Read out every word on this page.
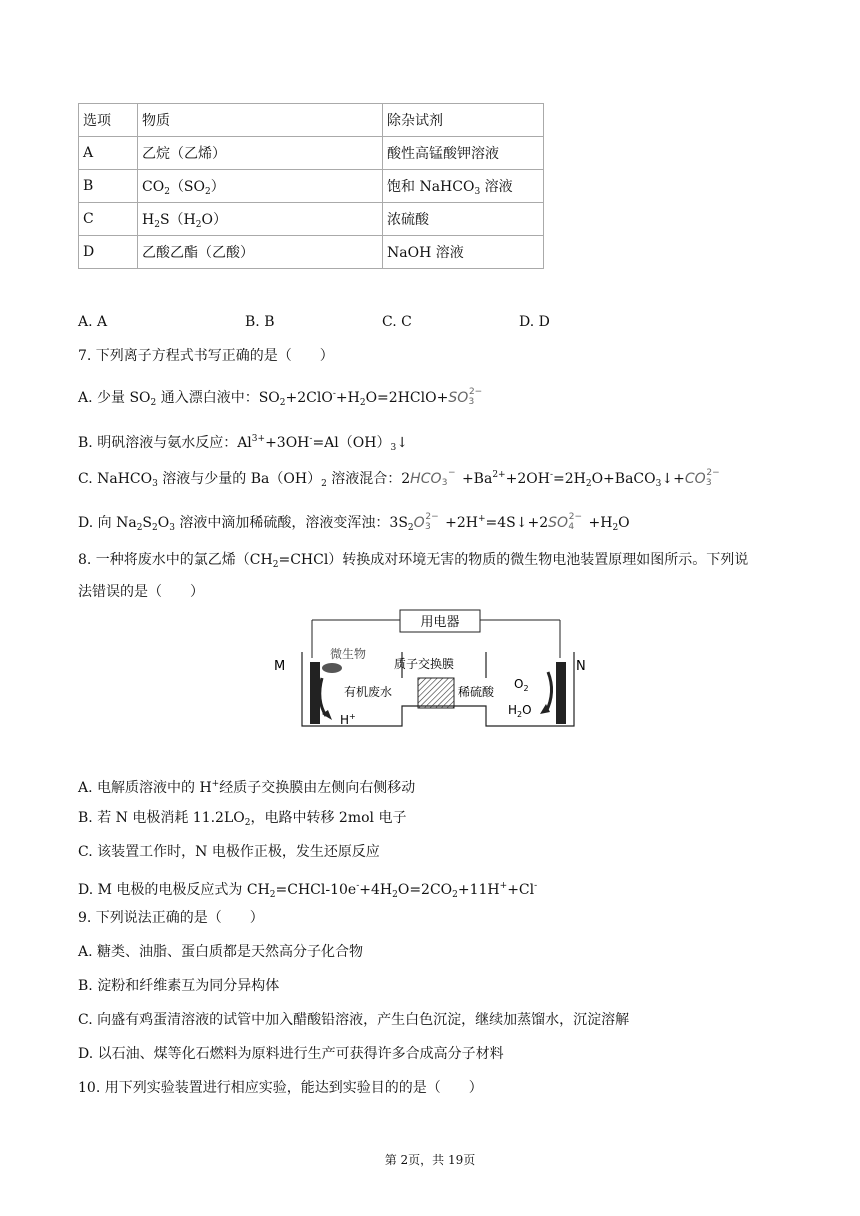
选项	物质	除杂试剂
A	乙烷（乙烯）	酸性高锰酸钾溶液
B	$CO_2(SO_2)$	饱和 NaHCO$_3$ 溶液
C	$H_2S(H_2O)$	浓硫酸
D	乙酸乙酯（乙酸）	NaOH 溶液
A. A	B. B	C. C	D. D
7. 下列离子方程式书写正确的是（　　）
A. 少量 $SO_2$ 通入漂白液中：$SO_2+2ClO^-+H_2O=2HClO+SO$ 2−
3
B. 明矾溶液与氨水反应：$Al^{3+}+3OH^-=Al(OH)_3↓$
C. NaHCO$_3$ 溶液与少量的 $Ba(OH)_2$ 溶液混合：2HCO −
$3 +Ba^{2+}+2OH^-=2H_2O+BaCO_3↓+CO$ 2−
3
D. 向 $Na_2S_2O_3$ 溶液中滴加稀硫酸，溶液变浑浊：$3S_2O$ 2−
3 +2H+=4S↓+2SO 2−
$4 +H_2O$
8. 一种将废水中的氯乙烯$(CH_2=CHCl)$转换成对环境无害的物质的微生物电池装置原理如图所示。下列说
法错误的是（　　）
用电器
M	N
微生物
质子交换膜
有机废水	稀硫酸
$O_2$
$H_2O$
H+
A. 电解质溶液中的 H+经质子交换膜由左侧向右侧移动
B. 若 N 电极消耗 $11.2LO_2$，电路中转移 2mol 电子
C. 该装置工作时，N 电极作正极，发生还原反应
D. M 电极的电极反应式为 $CH_2=CHCl-10e^-+4H_2O=2CO_2+11H^++Cl^-$
9. 下列说法正确的是（　　）
A. 糖类、油脂、蛋白质都是天然高分子化合物
B. 淀粉和纤维素互为同分异构体
C. 向盛有鸡蛋清溶液的试管中加入醋酸铅溶液，产生白色沉淀，继续加蒸馏水，沉淀溶解
D. 以石油、煤等化石燃料为原料进行生产可获得许多合成高分子材料
10. 用下列实验装置进行相应实验，能达到实验目的的是（　　）
第 2页，共 19页
